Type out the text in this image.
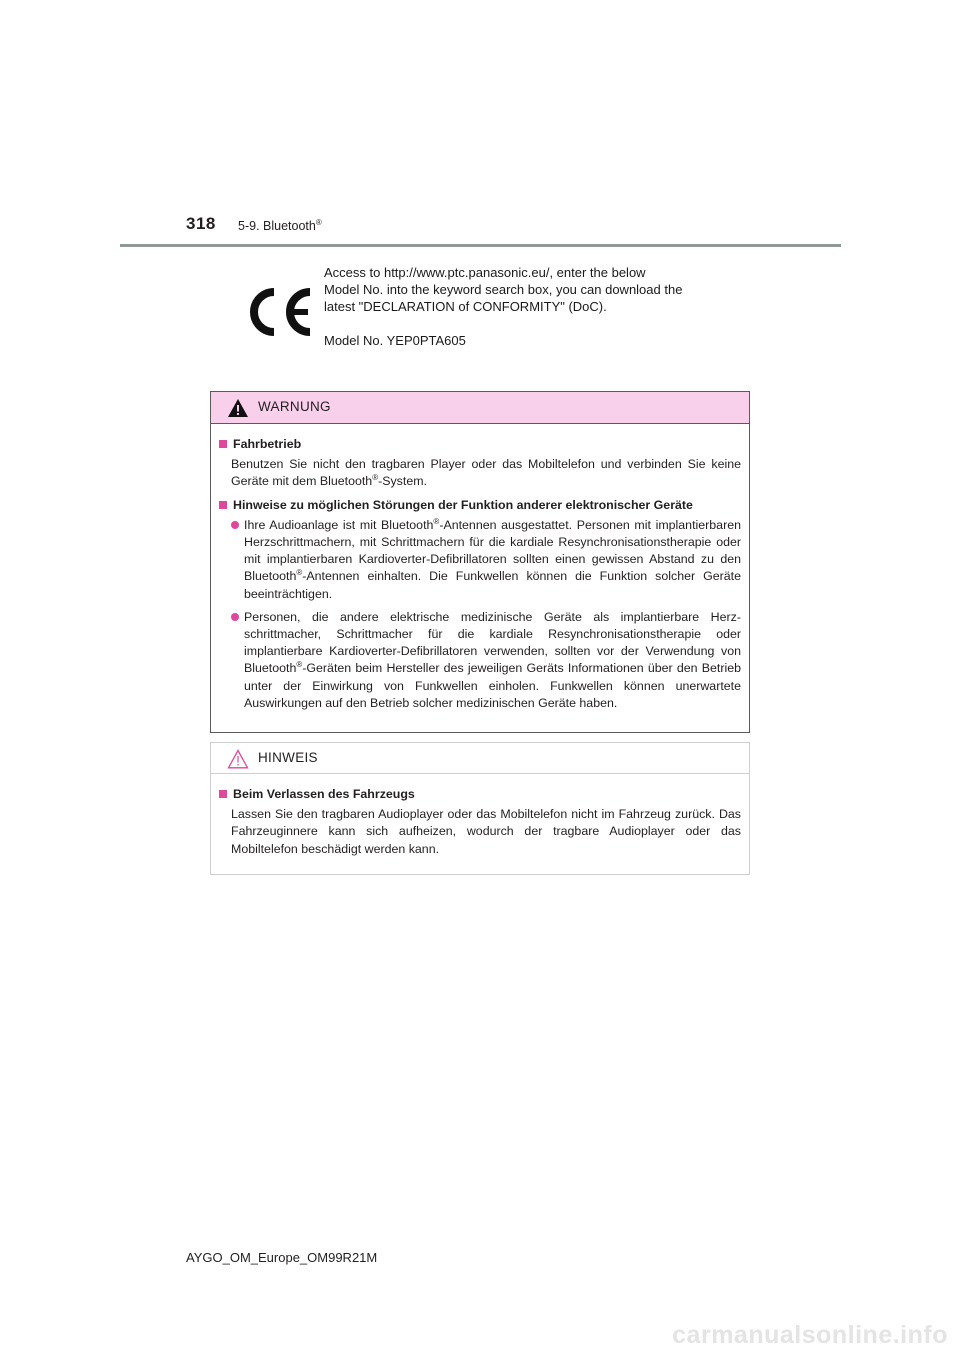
318 5-9. Bluetooth®

Access to http://www.ptc.panasonic.eu/, enter the below

Model No. into the keyword search box, you can download the

latest "DECLARATION of CONFORMITY" (DoC).

Model No. YEP0PTA605

WARNUNG
Fahrbetrieb

Benutzen Sie nicht den tragbaren Player oder das Mobiltelefon und verbinden Sie keine Geräte mit dem Bluetooth®-System.

Hinweise zu möglichen Störungen der Funktion anderer elektronischer Geräte
Ihre Audioanlage ist mit Bluetooth®-Antennen ausgestattet. Personen mit implantierbaren Herzschrittmachern, mit Schrittmachern für die kardiale Resynchronisationstherapie oder mit implantierbaren Kardioverter-Defibrillatoren sollten einen gewissen Abstand zu den Bluetooth®-Antennen einhalten. Die Funkwellen können die Funktion solcher Geräte beeinträchtigen.
Personen, die andere elektrische medizinische Geräte als implantierbare Herzschrittmacher, Schrittmacher für die kardiale Resynchronisationstherapie oder implantierbare Kardioverter-Defibrillatoren verwenden, sollten vor der Verwendung von Bluetooth®-Geräten beim Hersteller des jeweiligen Geräts Informationen über den Betrieb unter der Einwirkung von Funkwellen einholen. Funkwellen können unerwartete Auswirkungen auf den Betrieb solcher medizinischen Geräte haben.
HINWEIS
Beim Verlassen des Fahrzeugs

Lassen Sie den tragbaren Audioplayer oder das Mobiltelefon nicht im Fahrzeug zurück. Das Fahrzeuginnere kann sich aufheizen, wodurch der tragbare Audioplayer oder das Mobiltelefon beschädigt werden kann.

AYGO_OM_Europe_OM99R21M
carmanualsonline.info
